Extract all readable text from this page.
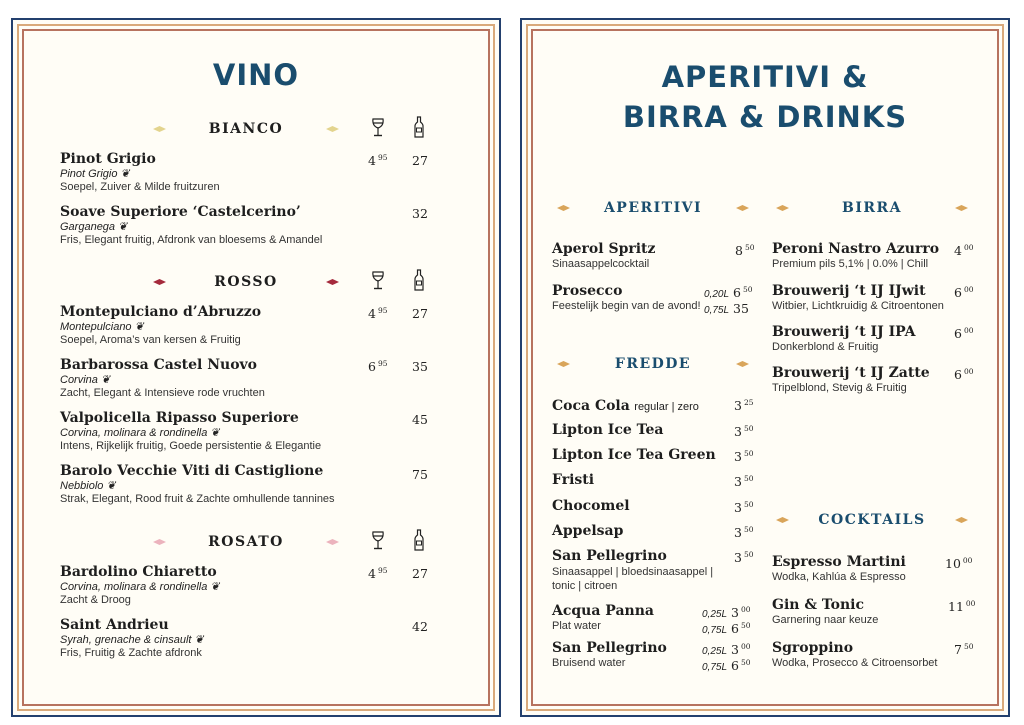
VINO
BIANCO
Pinot Grigio
Pinot Grigio ❦
Soepel, Zuiver & Milde fruitzuren
4 $^{95}$ 27
Soave Superiore ‘Castelcerino’
Garganega ❦
Fris, Elegant fruitig, Afdronk van bloesems & Amandel
32
ROSSO
Montepulciano d’Abruzzo
Montepulciano ❦
Soepel, Aroma’s van kersen & Fruitig
4 $^{95}$ 27
Barbarossa Castel Nuovo
Corvina ❦
Zacht, Elegant & Intensieve rode vruchten
6 $^{95}$ 35
Valpolicella Ripasso Superiore
Corvina, molinara & rondinella ❦
Intens, Rijkelijk fruitig, Goede persistentie & Elegantie
45
Barolo Vecchie Viti di Castiglione
Nebbiolo ❦
Strak, Elegant, Rood fruit & Zachte omhullende tannines
75
ROSATO
Bardolino Chiaretto
Corvina, molinara & rondinella ❦
Zacht & Droog
4 $^{95}$ 27
Saint Andrieu
Syrah, grenache & cinsault ❦
Fris, Fruitig & Zachte afdronk
42
APERITIVI &
BIRRA & DRINKS
APERITIVI
Aperol Spritz
Sinaasappelcocktail
8 $^{50}$
Prosecco
Feestelijk begin van de avond!
0,20L 6 $^{50}$
0,75L 35
FREDDE
Coca Cola regular | zero	3 $^{25}$
Lipton Ice Tea	3 $^{50}$
Lipton Ice Tea Green 3 $^{50}$
Fristi	3 $^{50}$
Chocomel	3 $^{50}$
Appelsap	3 $^{50}$
San Pellegrino
Sinaasappel | bloedsinaasappel |
tonic | citroen
3 $^{50}$
Acqua Panna
Plat water
0,25L 3 $^{00}$
0,75L 6 $^{50}$
San Pellegrino
Bruisend water
0,25L 3 $^{00}$
0,75L 6 $^{50}$
BIRRA
Peroni Nastro Azurro
Premium pils 5,1% | 0.0% | Chill
4 $^{00}$
Brouwerij ‘t IJ IJwit
Witbier, Lichtkruidig & Citroentonen
6 $^{00}$
Brouwerij ‘t IJ IPA
Donkerblond & Fruitig
6 $^{00}$
Brouwerij ‘t IJ Zatte
Tripelblond, Stevig & Fruitig
6 $^{00}$
COCKTAILS
Espresso Martini
Wodka, Kahlúa & Espresso
10 $^{00}$
Gin & Tonic
Garnering naar keuze
11 $^{00}$
Sgroppino
Wodka, Prosecco & Citroensorbet
7 $^{50}$
